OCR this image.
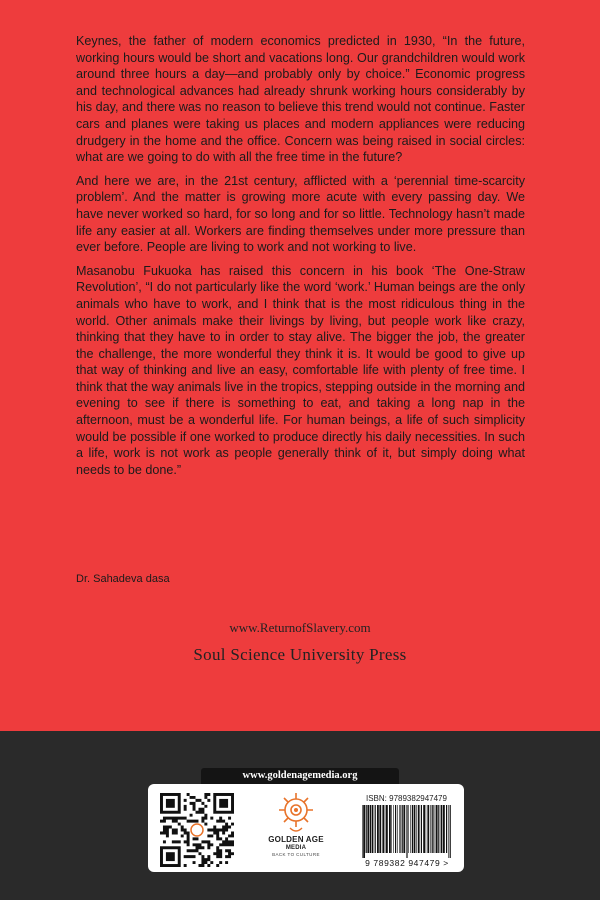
Keynes, the father of modern economics predicted in 1930, “In the future, working hours would be short and vacations long. Our grandchildren would work around three hours a day—and probably only by choice.” Economic progress and technological advances had already shrunk working hours considerably by his day, and there was no reason to believe this trend would not continue. Faster cars and planes were taking us places and modern appliances were reducing drudgery in the home and the office. Concern was being raised in social circles: what are we going to do with all the free time in the future?

And here we are, in the 21st century, afflicted with a ‘perennial time-scarcity problem’. And the matter is growing more acute with every passing day. We have never worked so hard, for so long and for so little. Technology hasn’t made life any easier at all. Workers are finding themselves under more pressure than ever before. People are living to work and not working to live.

Masanobu Fukuoka has raised this concern in his book ‘The One-Straw Revolution’, “I do not particularly like the word ‘work.’ Human beings are the only animals who have to work, and I think that is the most ridiculous thing in the world. Other animals make their livings by living, but people work like crazy, thinking that they have to in order to stay alive. The bigger the job, the greater the challenge, the more wonderful they think it is. It would be good to give up that way of thinking and live an easy, comfortable life with plenty of free time. I think that the way animals live in the tropics, stepping outside in the morning and evening to see if there is something to eat, and taking a long nap in the afternoon, must be a wonderful life. For human beings, a life of such simplicity would be possible if one worked to produce directly his daily necessities. In such a life, work is not work as people generally think of it, but simply doing what needs to be done.”

Dr. Sahadeva dasa
www.ReturnofSlavery.com
Soul Science University Press
www.goldenagemedia.org
GOLDEN AGE
MEDIA
BACK TO CULTURE
ISBN: 9789382947479
9 789382 947479 >
